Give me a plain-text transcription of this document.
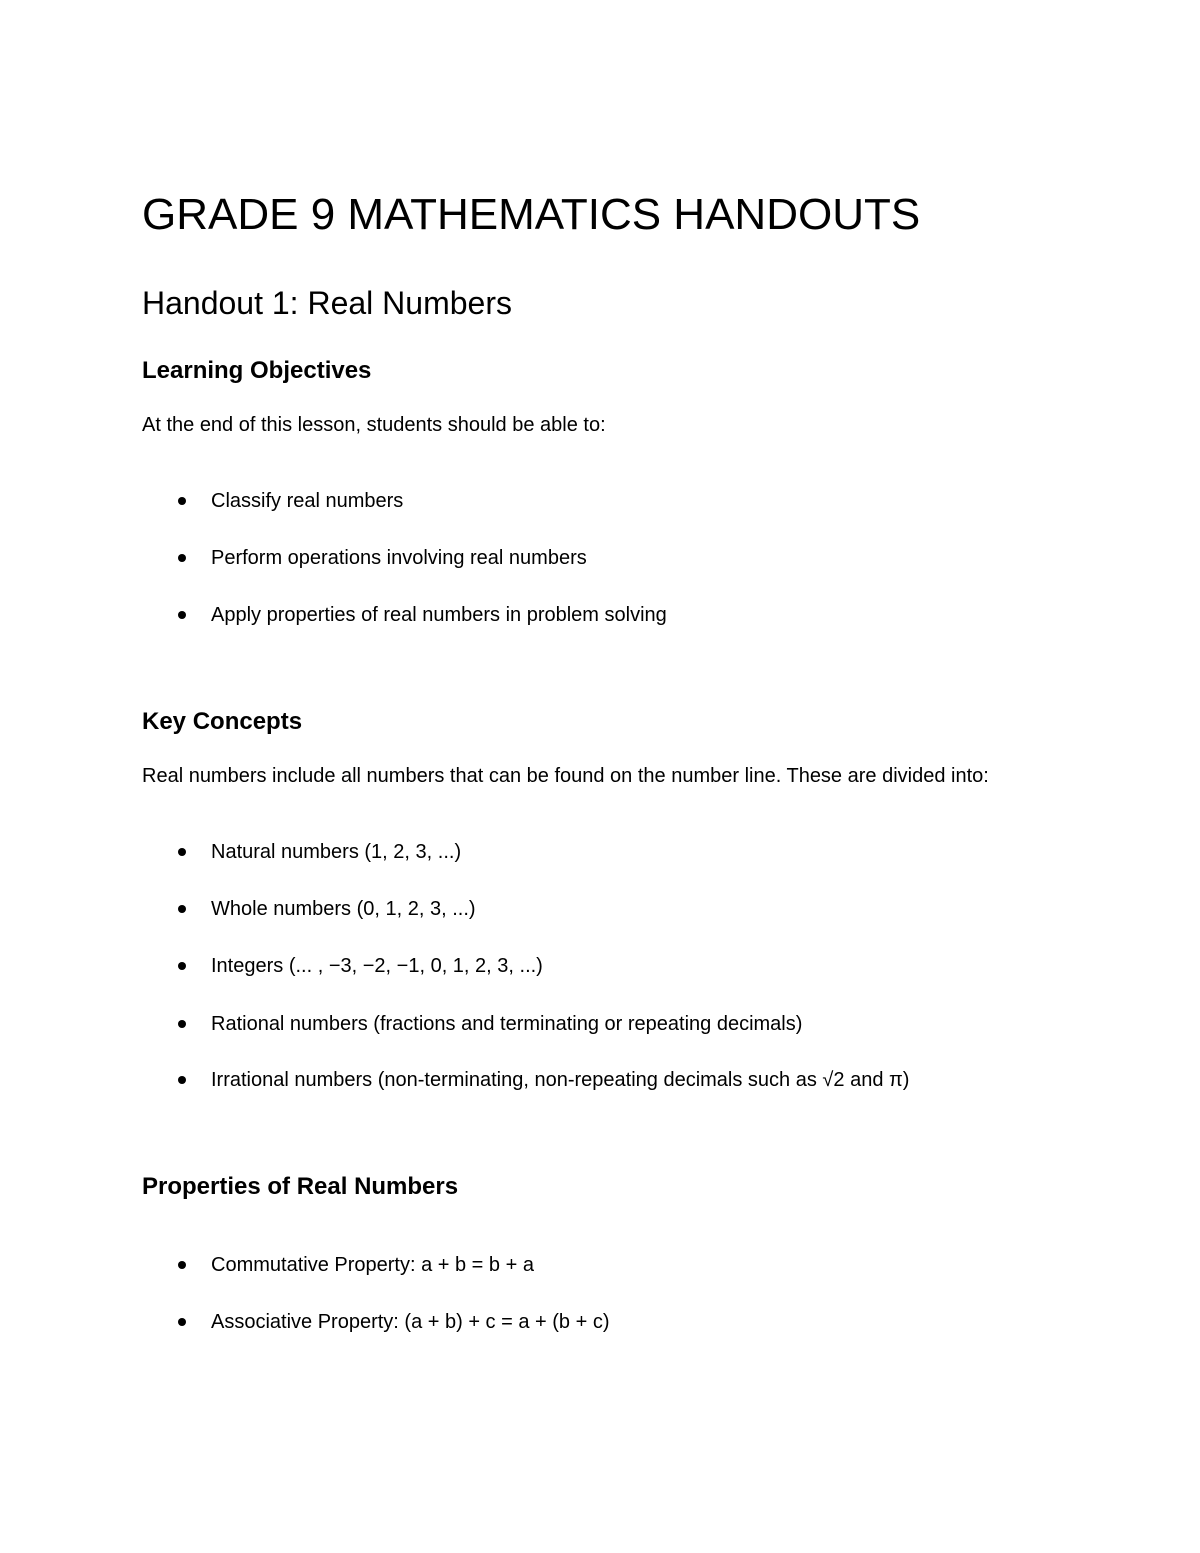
GRADE 9 MATHEMATICS HANDOUTS
Handout 1: Real Numbers
Learning Objectives

At the end of this lesson, students should be able to:

Classify real numbers
Perform operations involving real numbers
Apply properties of real numbers in problem solving
Key Concepts

Real numbers include all numbers that can be found on the number line. These are divided into:

Natural numbers (1, 2, 3, ...)
Whole numbers (0, 1, 2, 3, ...)
Integers (... , −3, −2, −1, 0, 1, 2, 3, ...)
Rational numbers (fractions and terminating or repeating decimals)
Irrational numbers (non-terminating, non-repeating decimals such as √2 and π)
Properties of Real Numbers
Commutative Property: a + b = b + a
Associative Property: (a + b) + c = a + (b + c)
